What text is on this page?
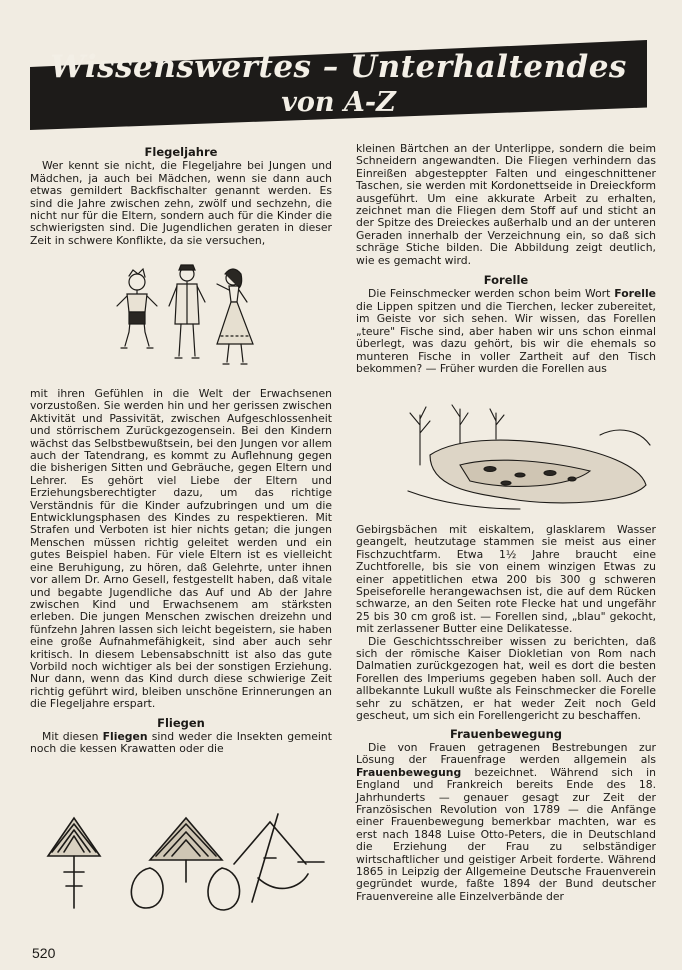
Wissenswertes – Unterhaltendes
von A-Z
Flegeljahre

Wer kennt sie nicht, die Flegeljahre bei Jungen und Mädchen, ja auch bei Mädchen, wenn sie dann auch etwas gemildert Backfischalter genannt werden. Es sind die Jahre zwischen zehn, zwölf und sechzehn, die nicht nur für die Eltern, sondern auch für die Kinder die schwierigsten sind. Die Jugendlichen geraten in dieser Zeit in schwere Konflikte, da sie versuchen,

mit ihren Gefühlen in die Welt der Erwachsenen vorzustoßen. Sie werden hin und her gerissen zwischen Aktivität und Passivität, zwischen Aufgeschlossenheit und störrischem Zurückgezogensein. Bei den Kindern wächst das Selbstbewußtsein, bei den Jungen vor allem auch der Tatendrang, es kommt zu Auflehnung gegen die bisherigen Sitten und Gebräuche, gegen Eltern und Lehrer. Es gehört viel Liebe der Eltern und Erziehungsberechtigter dazu, um das richtige Verständnis für die Kinder aufzubringen und um die Entwicklungsphasen des Kindes zu respektieren. Mit Strafen und Verboten ist hier nichts getan; die jungen Menschen müssen richtig geleitet werden und ein gutes Beispiel haben. Für viele Eltern ist es vielleicht eine Beruhigung, zu hören, daß Gelehrte, unter ihnen vor allem Dr. Arno Gesell, festgestellt haben, daß vitale und begabte Jugendliche das Auf und Ab der Jahre zwischen Kind und Erwachsenem am stärksten erleben. Die jungen Menschen zwischen dreizehn und fünfzehn Jahren lassen sich leicht begeistern, sie haben eine große Aufnahmefähigkeit, sind aber auch sehr kritisch. In diesem Lebensabschnitt ist also das gute Vorbild noch wichtiger als bei der sonstigen Erziehung. Nur dann, wenn das Kind durch diese schwierige Zeit richtig geführt wird, bleiben unschöne Erinnerungen an die Flegeljahre erspart.

Fliegen

Mit diesen Fliegen sind weder die Insekten gemeint noch die kessen Krawatten oder die

kleinen Bärtchen an der Unterlippe, sondern die beim Schneidern angewandten. Die Fliegen verhindern das Einreißen abgesteppter Falten und eingeschnittener Taschen, sie werden mit Kordonettseide in Dreieckform ausgeführt. Um eine akkurate Arbeit zu erhalten, zeichnet man die Fliegen dem Stoff auf und sticht an der Spitze des Dreieckes außerhalb und an der unteren Geraden innerhalb der Verzeichnung ein, so daß sich schräge Stiche bilden. Die Abbildung zeigt deutlich, wie es gemacht wird.

Forelle

Die Feinschmecker werden schon beim Wort Forelle die Lippen spitzen und die Tierchen, lecker zubereitet, im Geiste vor sich sehen. Wir wissen, das Forellen „teure" Fische sind, aber haben wir uns schon einmal überlegt, was dazu gehört, bis wir die ehemals so munteren Fische in voller Zartheit auf den Tisch bekommen? — Früher wurden die Forellen aus

Gebirgsbächen mit eiskaltem, glasklarem Wasser geangelt, heutzutage stammen sie meist aus einer Fischzuchtfarm. Etwa 1½ Jahre braucht eine Zuchtforelle, bis sie von einem winzigen Etwas zu einer appetitlichen etwa 200 bis 300 g schweren Speiseforelle herangewachsen ist, die auf dem Rücken schwarze, an den Seiten rote Flecke hat und ungefähr 25 bis 30 cm groß ist. — Forellen sind, „blau" gekocht, mit zerlassener Butter eine Delikatesse.

Die Geschichtsschreiber wissen zu berichten, daß sich der römische Kaiser Diokletian von Rom nach Dalmatien zurückgezogen hat, weil es dort die besten Forellen des Imperiums gegeben haben soll. Auch der allbekannte Lukull wußte als Feinschmecker die Forelle sehr zu schätzen, er hat weder Zeit noch Geld gescheut, um sich ein Forellengericht zu beschaffen.

Frauenbewegung

Die von Frauen getragenen Bestrebungen zur Lösung der Frauenfrage werden allgemein als Frauenbewegung bezeichnet. Während sich in England und Frankreich bereits Ende des 18. Jahrhunderts — genauer gesagt zur Zeit der Französischen Revolution von 1789 — die Anfänge einer Frauenbewegung bemerkbar machten, war es erst nach 1848 Luise Otto-Peters, die in Deutschland die Erziehung der Frau zu selbständiger wirtschaftlicher und geistiger Arbeit forderte. Während 1865 in Leipzig der Allgemeine Deutsche Frauenverein gegründet wurde, faßte 1894 der Bund deutscher Frauenvereine alle Einzelverbände der

520
